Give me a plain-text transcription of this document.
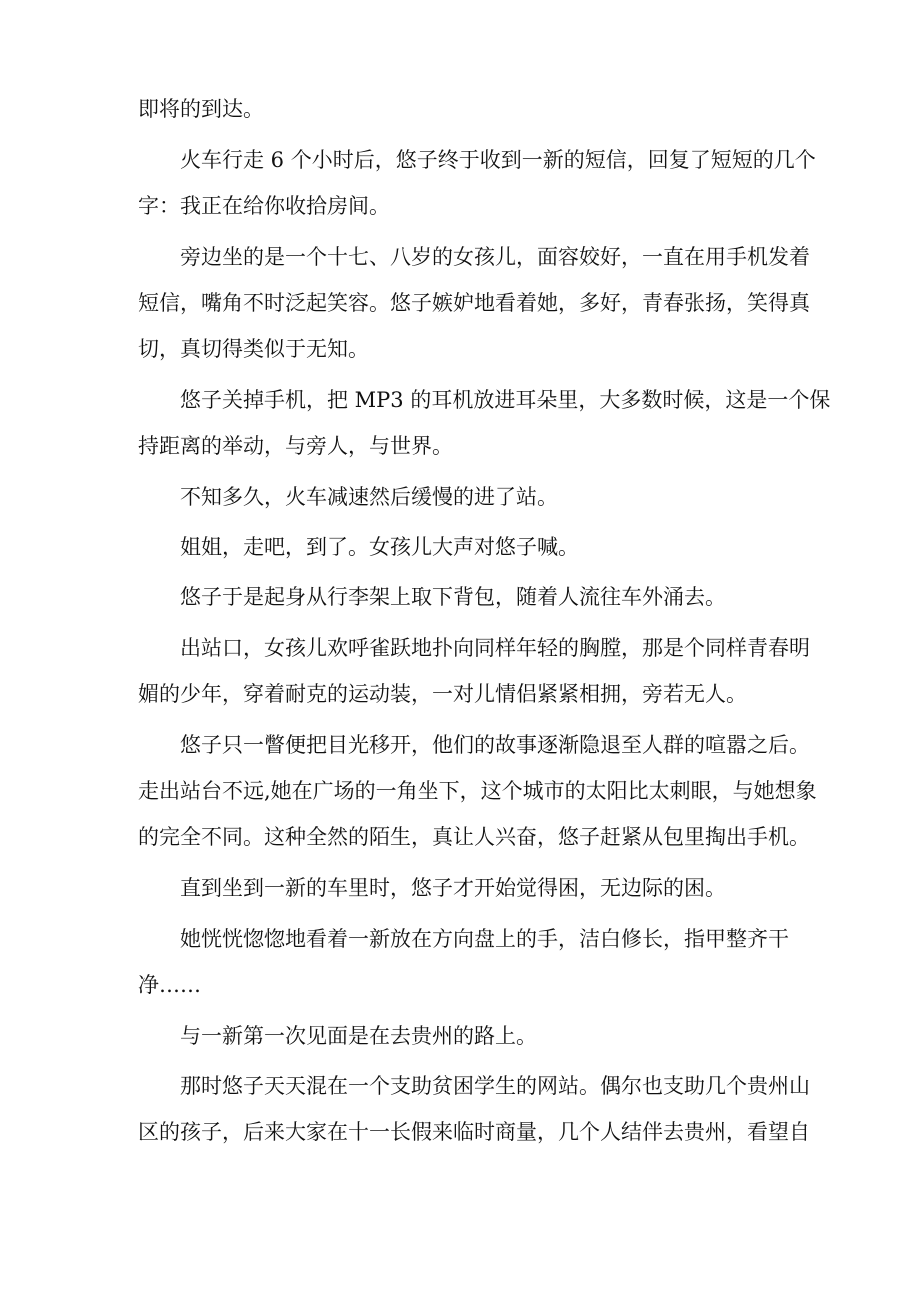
即将的到达。

火车行走 6 个小时后，悠子终于收到一新的短信，回复了短短的几个

字：我正在给你收拾房间。

旁边坐的是一个十七、八岁的女孩儿，面容姣好，一直在用手机发着

短信，嘴角不时泛起笑容。悠子嫉妒地看着她，多好，青春张扬，笑得真

切，真切得类似于无知。

悠子关掉手机，把 MP3 的耳机放进耳朵里，大多数时候，这是一个保

持距离的举动，与旁人，与世界。

不知多久，火车减速然后缓慢的进了站。

姐姐，走吧，到了。女孩儿大声对悠子喊。

悠子于是起身从行李架上取下背包，随着人流往车外涌去。

出站口，女孩儿欢呼雀跃地扑向同样年轻的胸膛，那是个同样青春明

媚的少年，穿着耐克的运动装，一对儿情侣紧紧相拥，旁若无人。

悠子只一瞥便把目光移开，他们的故事逐渐隐退至人群的喧嚣之后。

走出站台不远,她在广场的一角坐下，这个城市的太阳比太刺眼，与她想象

的完全不同。这种全然的陌生，真让人兴奋，悠子赶紧从包里掏出手机。

直到坐到一新的车里时，悠子才开始觉得困，无边际的困。

她恍恍惚惚地看着一新放在方向盘上的手，洁白修长，指甲整齐干

净……

与一新第一次见面是在去贵州的路上。

那时悠子天天混在一个支助贫困学生的网站。偶尔也支助几个贵州山

区的孩子，后来大家在十一长假来临时商量，几个人结伴去贵州，看望自
